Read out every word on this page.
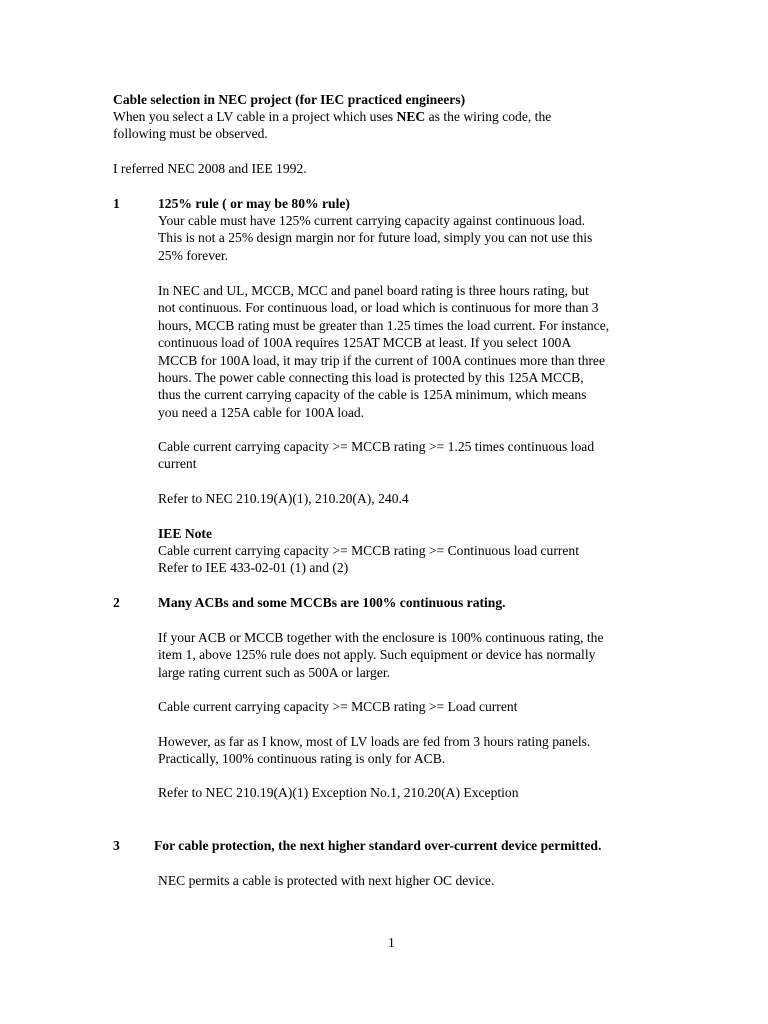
Cable selection in NEC project (for IEC practiced engineers)
When you select a LV cable in a project which uses NEC as the wiring code, the
following must be observed.
I referred NEC 2008 and IEE 1992.
1	125% rule ( or may be 80% rule)
Your cable must have 125% current carrying capacity against continuous load.
This is not a 25% design margin nor for future load, simply you can not use this
25% forever.
In NEC and UL, MCCB, MCC and panel board rating is three hours rating, but
not continuous. For continuous load, or load which is continuous for more than 3
hours, MCCB rating must be greater than 1.25 times the load current. For instance,
continuous load of 100A requires 125AT MCCB at least. If you select 100A
MCCB for 100A load, it may trip if the current of 100A continues more than three
hours. The power cable connecting this load is protected by this 125A MCCB,
thus the current carrying capacity of the cable is 125A minimum, which means
you need a 125A cable for 100A load.
Cable current carrying capacity >= MCCB rating >= 1.25 times continuous load
current
Refer to NEC 210.19(A)(1), 210.20(A), 240.4
IEE Note
Cable current carrying capacity >= MCCB rating >= Continuous load current
Refer to IEE 433-02-01 (1) and (2)
2	Many ACBs and some MCCBs are 100% continuous rating.
If your ACB or MCCB together with the enclosure is 100% continuous rating, the
item 1, above 125% rule does not apply. Such equipment or device has normally
large rating current such as 500A or larger.
Cable current carrying capacity >= MCCB rating >= Load current
However, as far as I know, most of LV loads are fed from 3 hours rating panels.
Practically, 100% continuous rating is only for ACB.
Refer to NEC 210.19(A)(1) Exception No.1, 210.20(A) Exception
3	For cable protection, the next higher standard over-current device permitted.
NEC permits a cable is protected with next higher OC device.
1
